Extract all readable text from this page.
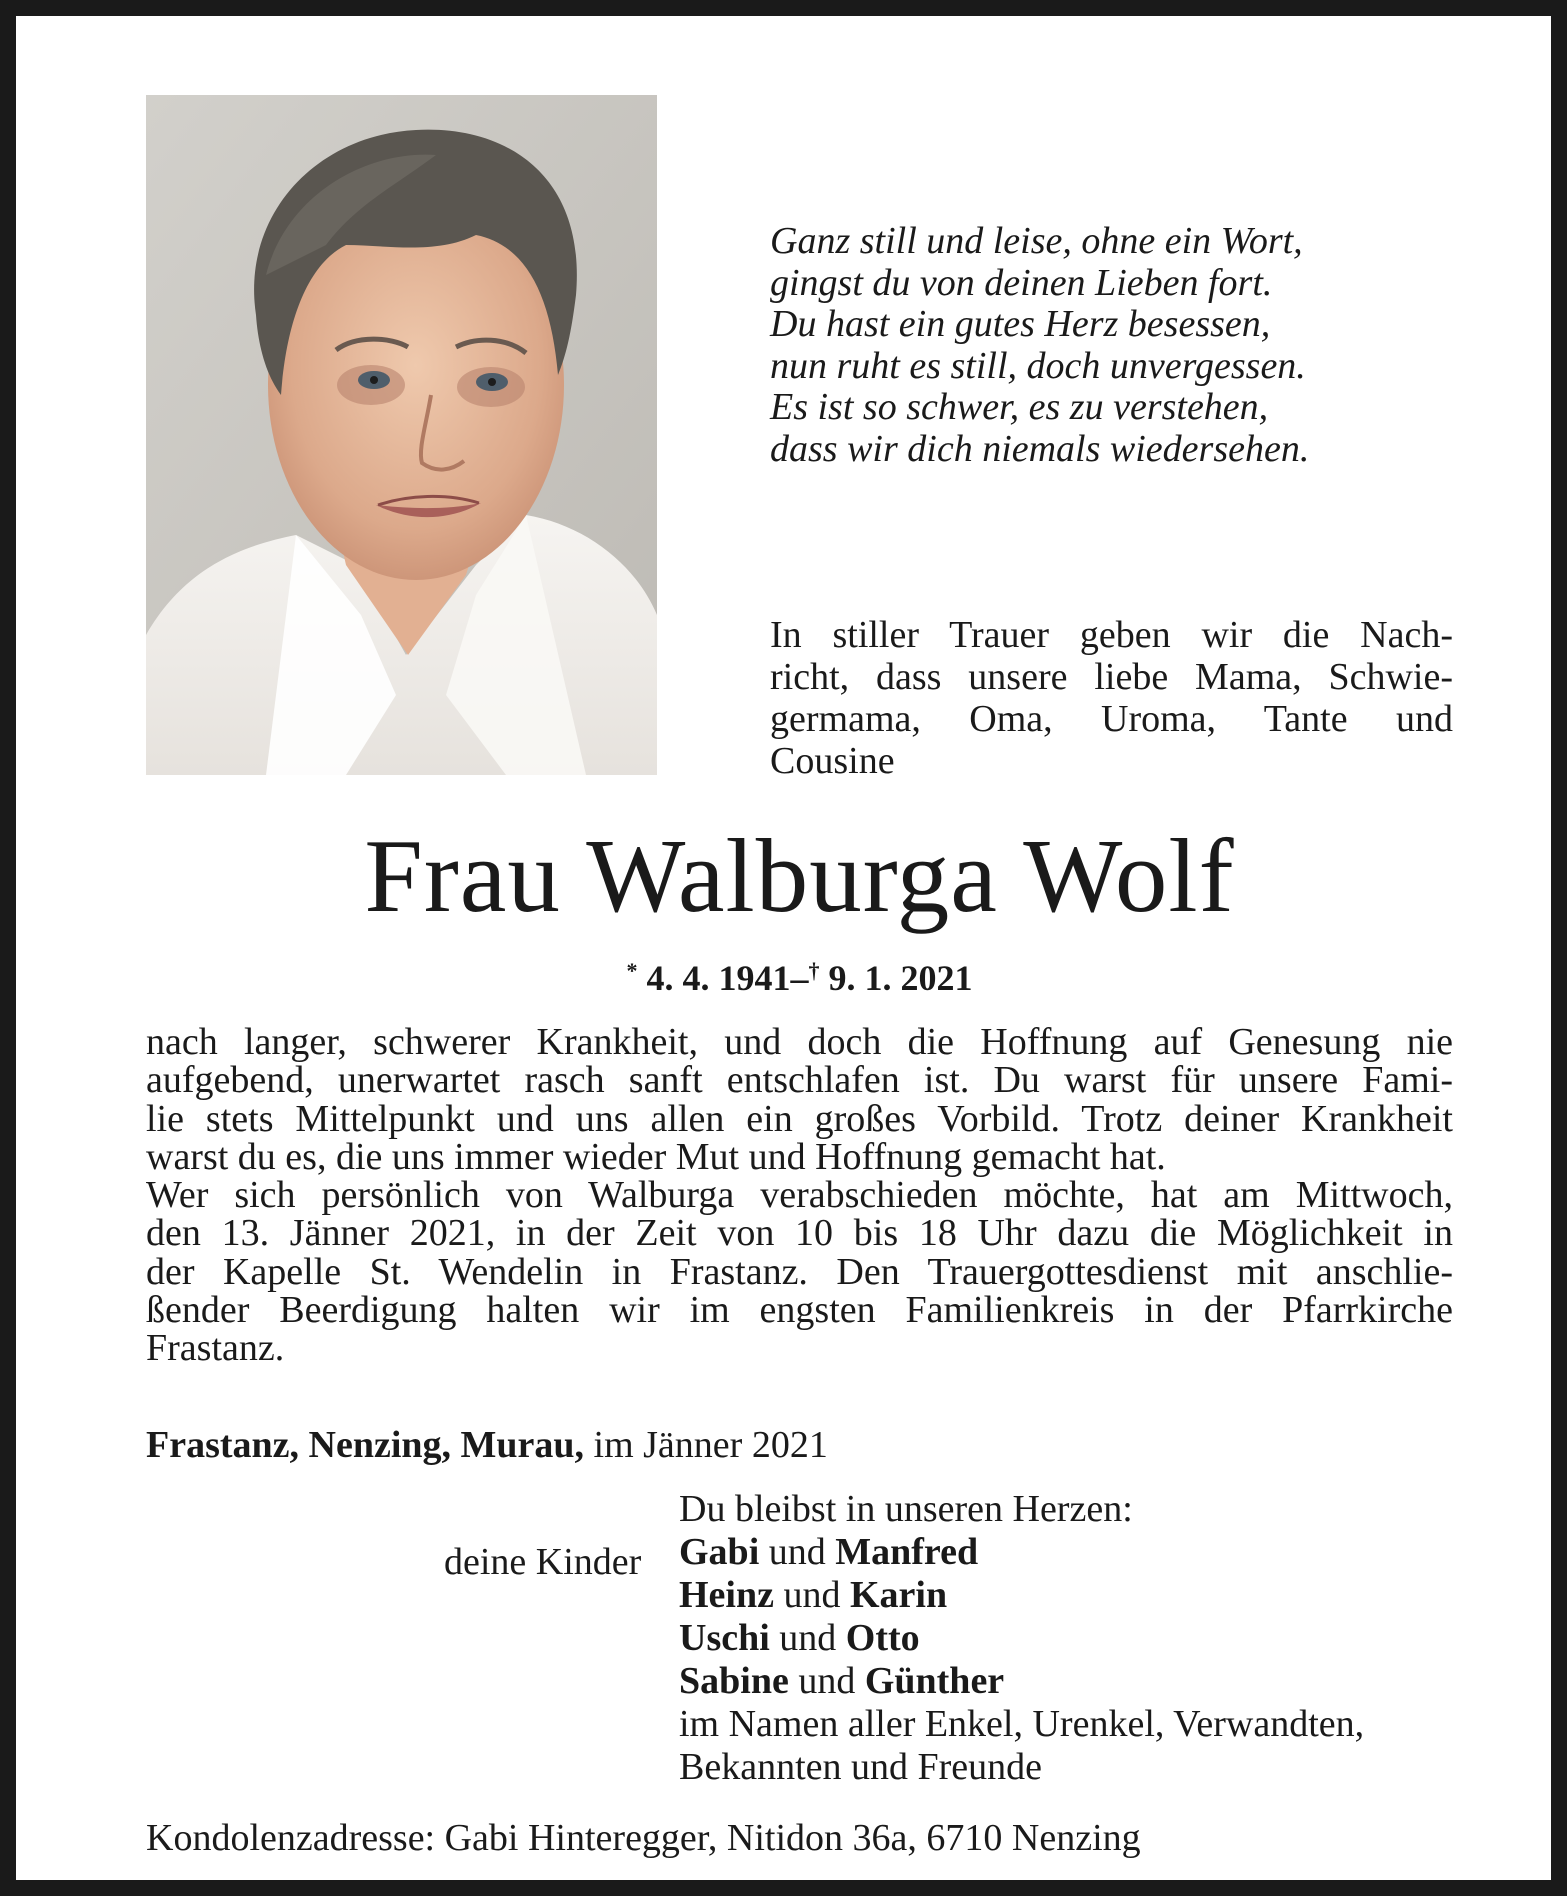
Ganz still und leise, ohne ein Wort,
gingst du von deinen Lieben fort.
Du hast ein gutes Herz besessen,
nun ruht es still, doch unvergessen.
Es ist so schwer, es zu verstehen,
dass wir dich niemals wiedersehen.
In stiller Trauer geben wir die Nach-
richt, dass unsere liebe Mama, Schwie-
germama, Oma, Uroma, Tante und
Cousine
Frau Walburga Wolf
* 4. 4. 1941–† 9. 1. 2021
nach langer, schwerer Krankheit, und doch die Hoffnung auf Genesung nie
aufgebend, unerwartet rasch sanft entschlafen ist. Du warst für unsere Fami-
lie stets Mittelpunkt und uns allen ein großes Vorbild. Trotz deiner Krankheit
warst du es, die uns immer wieder Mut und Hoffnung gemacht hat.
Wer sich persönlich von Walburga verabschieden möchte, hat am Mittwoch,
den 13. Jänner 2021, in der Zeit von 10 bis 18 Uhr dazu die Möglichkeit in
der Kapelle St. Wendelin in Frastanz. Den Trauergottesdienst mit anschlie-
ßender Beerdigung halten wir im engsten Familienkreis in der Pfarrkirche
Frastanz.
Frastanz, Nenzing, Murau, im Jänner 2021
deine Kinder
Du bleibst in unseren Herzen:
Gabi und Manfred
Heinz und Karin
Uschi und Otto
Sabine und Günther
im Namen aller Enkel, Urenkel, Verwandten,
Bekannten und Freunde
Kondolenzadresse: Gabi Hinteregger, Nitidon 36a, 6710 Nenzing
